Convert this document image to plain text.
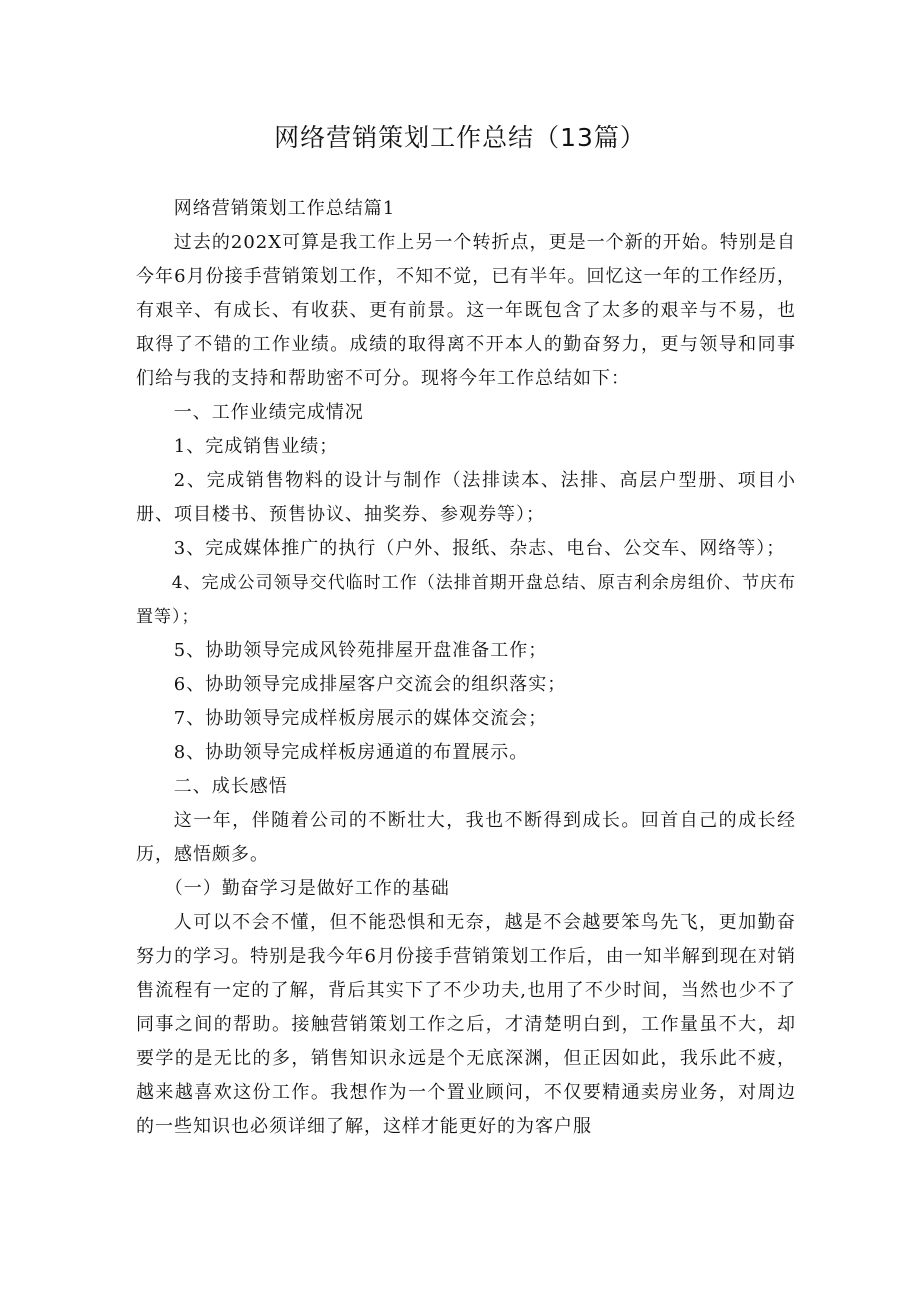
网络营销策划工作总结（13篇）

网络营销策划工作总结篇1

过去的202X可算是我工作上另一个转折点，更是一个新的开始。特别是自今年6月份接手营销策划工作，不知不觉，已有半年。回忆这一年的工作经历，有艰辛、有成长、有收获、更有前景。这一年既包含了太多的艰辛与不易，也取得了不错的工作业绩。成绩的取得离不开本人的勤奋努力，更与领导和同事们给与我的支持和帮助密不可分。现将今年工作总结如下：

一、工作业绩完成情况

1、完成销售业绩；

2、完成销售物料的设计与制作（法排读本、法排、高层户型册、项目小册、项目楼书、预售协议、抽奖券、参观券等）；

3、完成媒体推广的执行（户外、报纸、杂志、电台、公交车、网络等）；

4、完成公司领导交代临时工作（法排首期开盘总结、原吉利余房组价、节庆布置等）；

5、协助领导完成风铃苑排屋开盘准备工作；

6、协助领导完成排屋客户交流会的组织落实；

7、协助领导完成样板房展示的媒体交流会；

8、协助领导完成样板房通道的布置展示。

二、成长感悟

这一年，伴随着公司的不断壮大，我也不断得到成长。回首自己的成长经历，感悟颇多。

（一）勤奋学习是做好工作的基础

人可以不会不懂，但不能恐惧和无奈，越是不会越要笨鸟先飞，更加勤奋努力的学习。特别是我今年6月份接手营销策划工作后，由一知半解到现在对销售流程有一定的了解，背后其实下了不少功夫,也用了不少时间，当然也少不了同事之间的帮助。接触营销策划工作之后，才清楚明白到，工作量虽不大，却要学的是无比的多，销售知识永远是个无底深渊，但正因如此，我乐此不疲，越来越喜欢这份工作。我想作为一个置业顾问，不仅要精通卖房业务，对周边的一些知识也必须详细了解，这样才能更好的为客户服
